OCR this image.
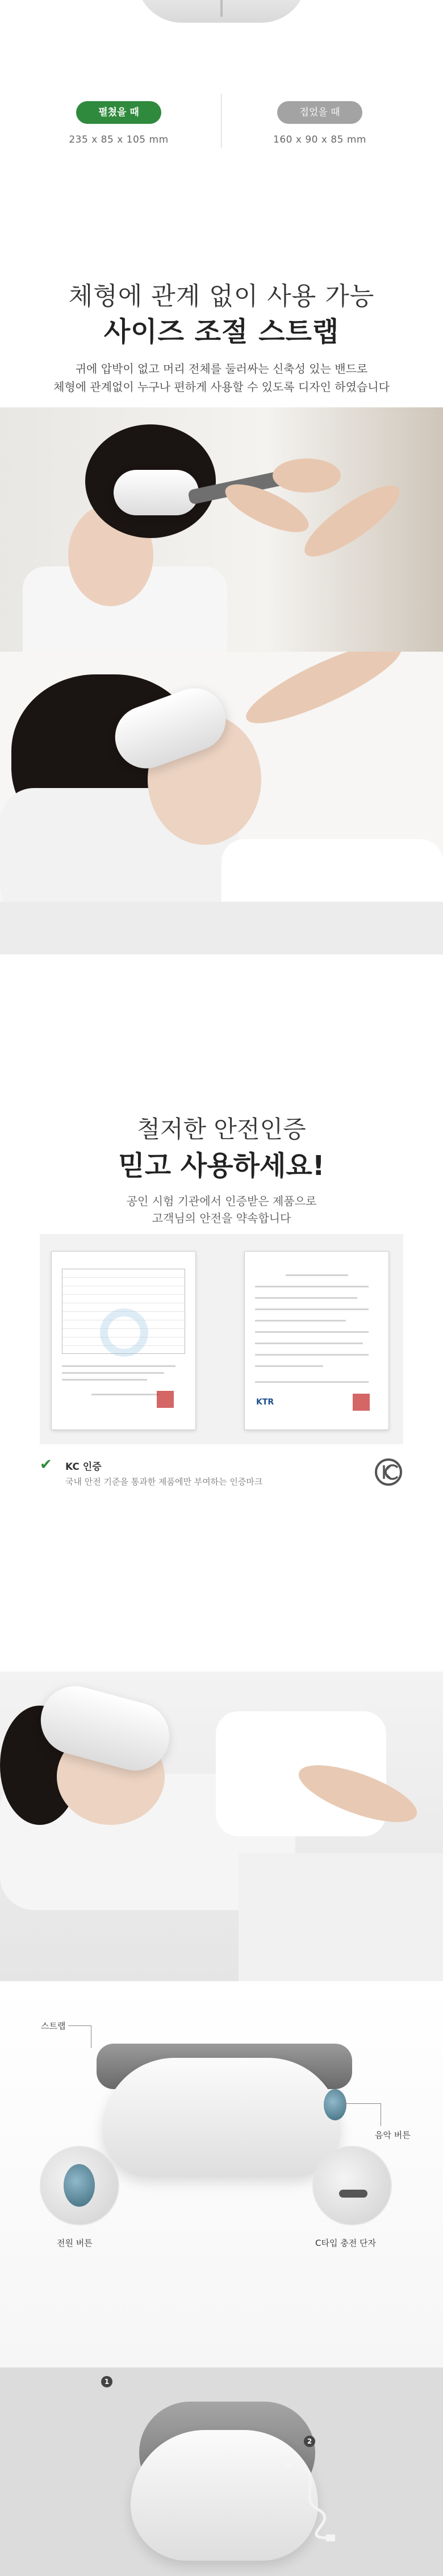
펼쳤을 때	접었을 때
235 x 85 x 105 mm	160 x 90 x 85 mm
체형에 관계 없이 사용 가능
사이즈 조절 스트랩
귀에 압박이 없고 머리 전체를 둘러싸는 신축성 있는 밴드로
체형에 관계없이 누구나 편하게 사용할 수 있도록 디자인 하였습니다
철저한 안전인증
믿고 사용하세요!
공인 시험 기관에서 인증받은 제품으로
고객님의 안전을 약속합니다
KTR
✔ KC 인증
국내 안전 기준을 통과한 제품에만 부여하는 인증마크
스트랩
음악 버튼
전원 버튼	C타입 충전 단자
1
2
